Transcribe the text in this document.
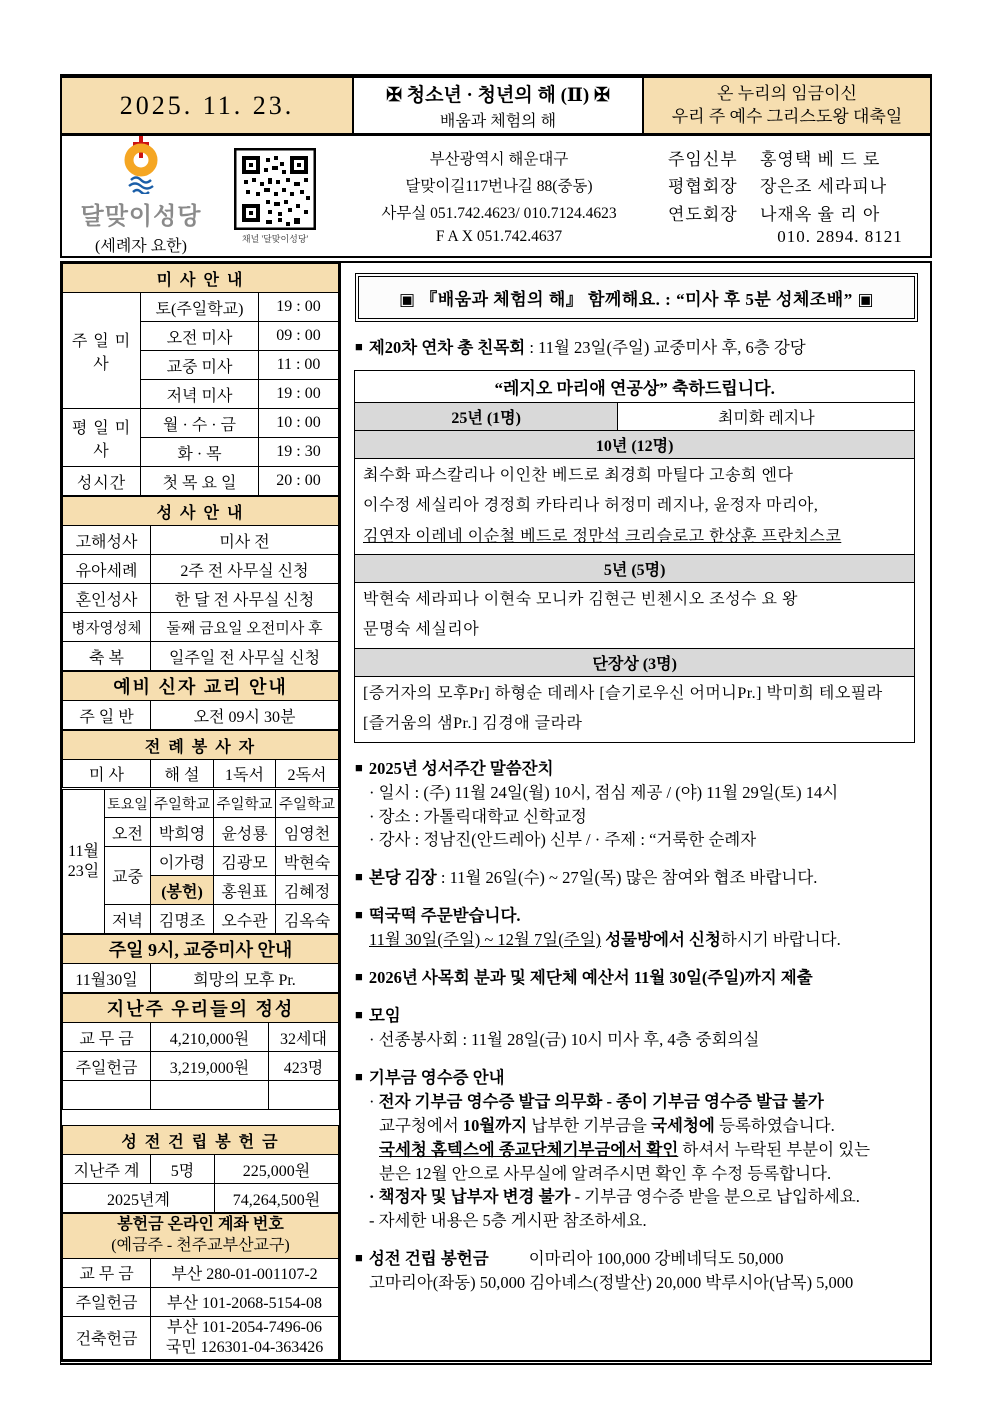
2025. 11. 23.	✠ 청소년 · 청년의 해 (Ⅱ) ✠
배움과 체험의 해
온 누리의 임금이신
우리 주 예수 그리스도왕 대축일
달맞이성당
(세례자 요한)	채널 '달맞이성당'
부산광역시 해운대구
달맞이길117번나길 88(중동)
사무실 051.742.4623/ 010.7124.4623
F A X 051.742.4637
주임신부	홍영택 베 드 로
평협회장	장은조 세라피나
연도회장	나재옥 율 리 아
010. 2894. 8121
미 사 안 내		
주 일 미 사	토(주일학교)	19 : 00
	오전 미사	09 : 00
	교중 미사	11 : 00
	저녁 미사	19 : 00
평 일 미 사	월 · 수 · 금	10 : 00
	화 · 목	19 : 30
성시간	첫 목 요 일	20 : 00
성 사 안 내	
고해성사	미사 전
유아세례	2주 전 사무실 신청
혼인성사	한 달 전 사무실 신청
병자영성체	둘째 금요일 오전미사 후
축 복	일주일 전 사무실 신청
예비 신자 교리 안내
주 일 반	오전 09시 30분
전 례 봉 사 자				
미 사		해 설	1독서	2독서
11월 23일	토요일	주일학교	주일학교	주일학교
	오전	박희영	윤성룡	임영천
	교중	이가령	김광모	박현숙
		(봉헌)	홍원표	김혜정
	저녁	김명조	오수관	김옥숙
주일 9시, 교중미사 안내
11월30일	희망의 모후 Pr.
지난주 우리들의 정성		
교 무 금	4,210,000원	32세대
주일헌금	3,219,000원	423명

성 전 건 립 봉 헌 금		
지난주 계	5명	225,000원
2025년계		74,264,500원
봉헌금 온라인 계좌 번호
(예금주 - 천주교부산교구)	

교 무 금	부산 280-01-001107-2
주일헌금	부산 101-2068-5154-08
건축헌금	부산 101-2054-7496-06
국민 126301-04-363426
▣ 『배움과 체험의 해』 함께해요. : “미사 후 5분 성체조배” ▣
■ 제20차 연차 총 친목회 : 11월 23일(주일) 교중미사 후, 6층 강당
“레지오 마리애 연공상” 축하드립니다.
25년 (1명)	최미화 레지나
10년 (12명)

최수화 파스칼리나 이인찬 베드로 최경희 마틸다 고송희 엔다
이수정 세실리아 경정희 카타리나 허정미 레지나, 윤정자 마리아,
김연자 이레네 이순철 베드로 정만석 크리슬로고 한상훈 프란치스코

5년 (5명)

박현숙 세라피나 이현숙 모니카 김현근 빈첸시오 조성수 요 왕
문명숙 세실리아

단장상 (3명)

[증거자의 모후Pr] 하형순 데레사 [슬기로우신 어머니Pr.] 박미희 테오필라
[즐거움의 샘Pr.] 김경애 글라라
■ 2025년 성서주간 말씀잔치
· 일시 : (주) 11월 24일(월) 10시, 점심 제공 / (야) 11월 29일(토) 14시
· 장소 : 가톨릭대학교 신학교정
· 강사 : 정남진(안드레아) 신부 / · 주제 : “거룩한 순례자
■ 본당 김장 : 11월 26일(수) ~ 27일(목) 많은 참여와 협조 바랍니다.
■ 떡국떡 주문받습니다.
11월 30일(주일) ~ 12월 7일(주일) 성물방에서 신청하시기 바랍니다.
■ 2026년 사목회 분과 및 제단체 예산서 11월 30일(주일)까지 제출
■ 모임
· 선종봉사회 : 11월 28일(금) 10시 미사 후, 4층 중회의실
■ 기부금 영수증 안내
· 전자 기부금 영수증 발급 의무화 - 종이 기부금 영수증 발급 불가
교구청에서 10월까지 납부한 기부금을 국세청에 등록하였습니다.
국세청 홈텍스에 종교단체기부금에서 확인 하셔서 누락된 부분이 있는
분은 12월 안으로 사무실에 알려주시면 확인 후 수정 등록합니다.
· 책정자 및 납부자 변경 불가 - 기부금 영수증 받을 분으로 납입하세요.
- 자세한 내용은 5층 게시판 참조하세요.
■ 성전 건립 봉헌금 이마리아 100,000 강베네딕도 50,000
고마리아(좌동) 50,000 김아녜스(정발산) 20,000 박루시아(남목) 5,000
